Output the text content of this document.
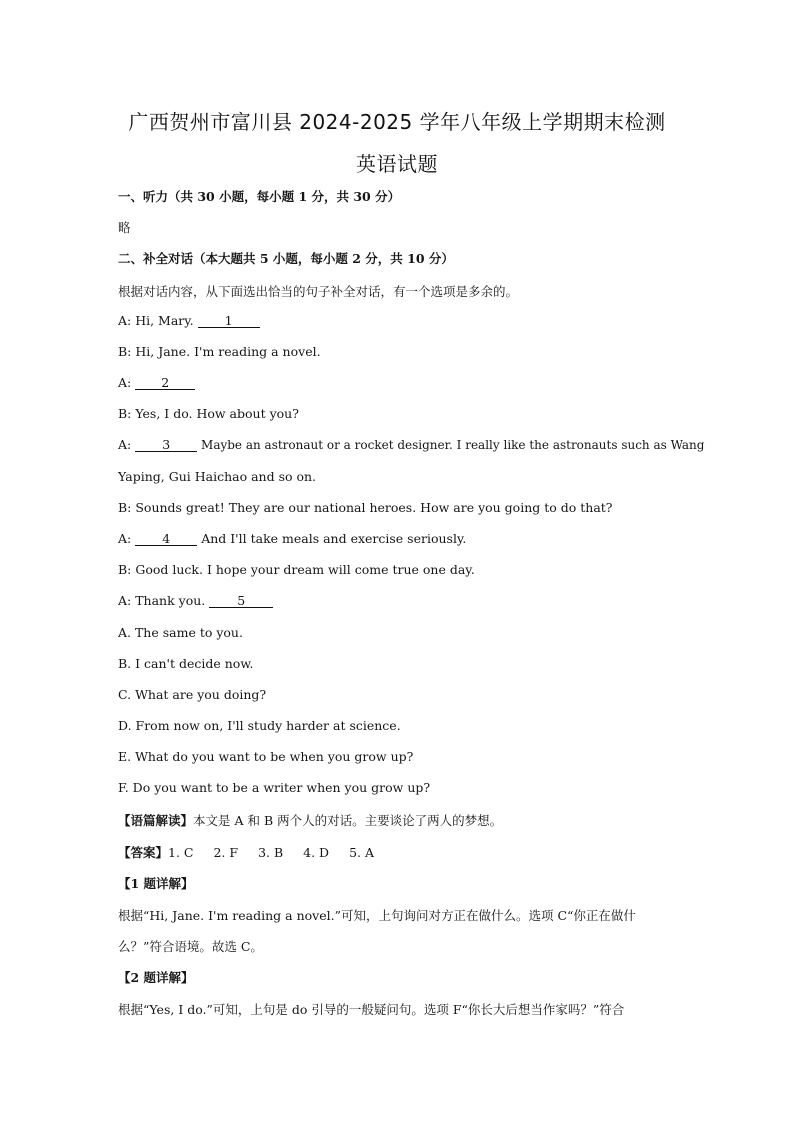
广西贺州市富川县 2024-2025 学年八年级上学期期末检测
英语试题
一、听力（共 30 小题，每小题 1 分，共 30 分）
略
二、补全对话（本大题共 5 小题，每小题 2 分，共 10 分）
根据对话内容，从下面选出恰当的句子补全对话，有一个选项是多余的。
A: Hi, Mary. 1
B: Hi, Jane. I'm reading a novel.
A: 2
B: Yes, I do. How about you?
A: 3 Maybe an astronaut or a rocket designer. I really like the astronauts such as Wang
Yaping, Gui Haichao and so on.
B: Sounds great! They are our national heroes. How are you going to do that?
A: 4 And I'll take meals and exercise seriously.
B: Good luck. I hope your dream will come true one day.
A: Thank you. 5
A. The same to you.
B. I can't decide now.
C. What are you doing?
D. From now on, I'll study harder at science.
E. What do you want to be when you grow up?
F. Do you want to be a writer when you grow up?
【语篇解读】本文是 A 和 B 两个人的对话。主要谈论了两人的梦想。
【答案】1. C 2. F 3. B 4. D 5. A
【1 题详解】
根据“Hi, Jane. I'm reading a novel.”可知，上句询问对方正在做什么。选项 C“你正在做什
么？”符合语境。故选 C。
【2 题详解】
根据“Yes, I do.”可知，上句是 do 引导的一般疑问句。选项 F“你长大后想当作家吗？”符合
